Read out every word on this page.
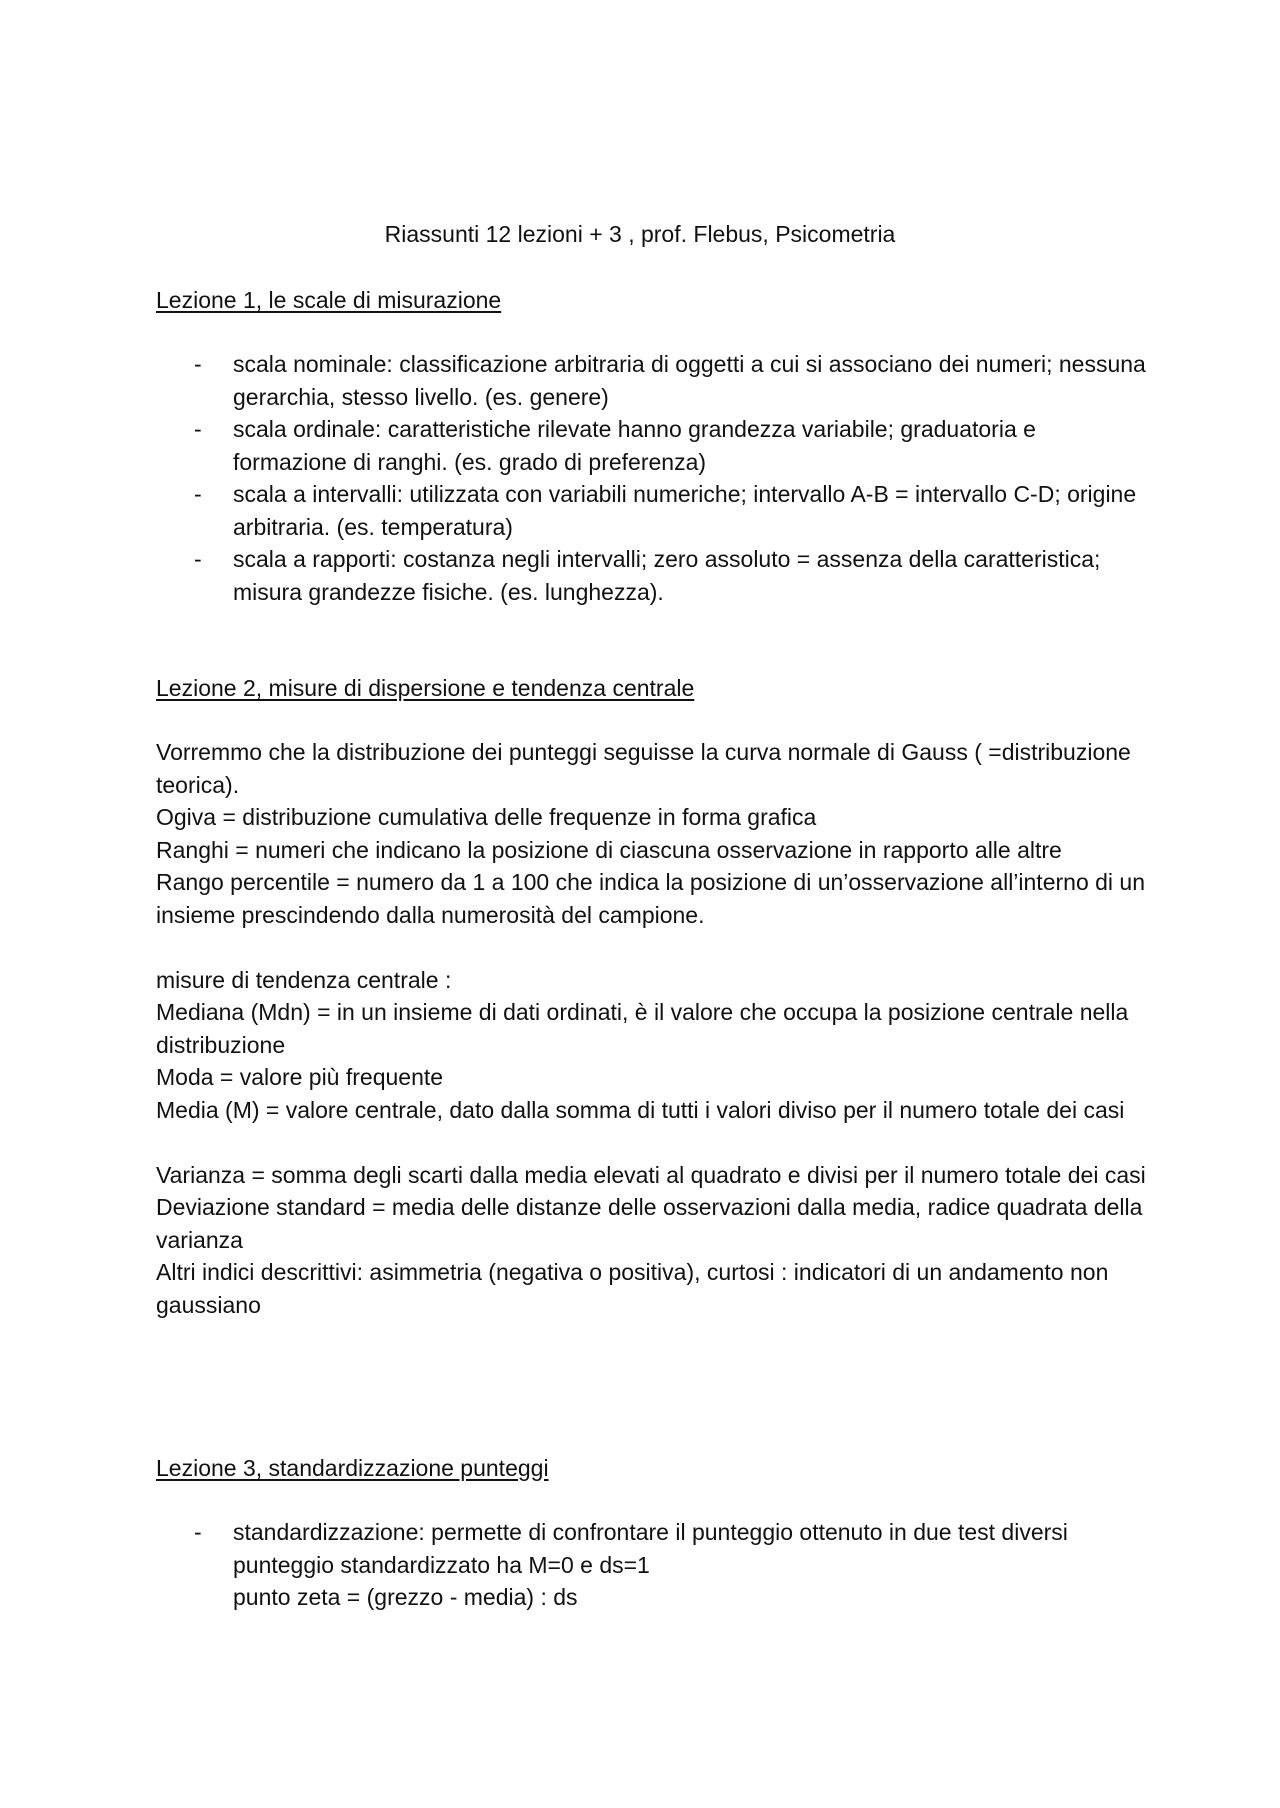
Riassunti 12 lezioni + 3 , prof. Flebus, Psicometria
Lezione 1, le scale di misurazione
- scala nominale: classificazione arbitraria di oggetti a cui si associano dei numeri; nessuna gerarchia, stesso livello. (es. genere)
- scala ordinale: caratteristiche rilevate hanno grandezza variabile; graduatoria e formazione di ranghi. (es. grado di preferenza)
- scala a intervalli: utilizzata con variabili numeriche; intervallo A-B = intervallo C-D; origine arbitraria. (es. temperatura)
- scala a rapporti: costanza negli intervalli; zero assoluto = assenza della caratteristica; misura grandezze fisiche. (es. lunghezza).
Lezione 2, misure di dispersione e tendenza centrale

Vorremmo che la distribuzione dei punteggi seguisse la curva normale di Gauss ( =distribuzione teorica).

Ogiva = distribuzione cumulativa delle frequenze in forma grafica

Ranghi = numeri che indicano la posizione di ciascuna osservazione in rapporto alle altre

Rango percentile = numero da 1 a 100 che indica la posizione di un’osservazione all’interno di un insieme prescindendo dalla numerosità del campione.

misure di tendenza centrale :

Mediana (Mdn) = in un insieme di dati ordinati, è il valore che occupa la posizione centrale nella distribuzione

Moda = valore più frequente

Media (M) = valore centrale, dato dalla somma di tutti i valori diviso per il numero totale dei casi

Varianza = somma degli scarti dalla media elevati al quadrato e divisi per il numero totale dei casi

Deviazione standard = media delle distanze delle osservazioni dalla media, radice quadrata della varianza

Altri indici descrittivi: asimmetria (negativa o positiva), curtosi : indicatori di un andamento non gaussiano

Lezione 3, standardizzazione punteggi
- standardizzazione: permette di confrontare il punteggio ottenuto in due test diversi
punteggio standardizzato ha M=0 e ds=1
punto zeta = (grezzo - media) : ds
